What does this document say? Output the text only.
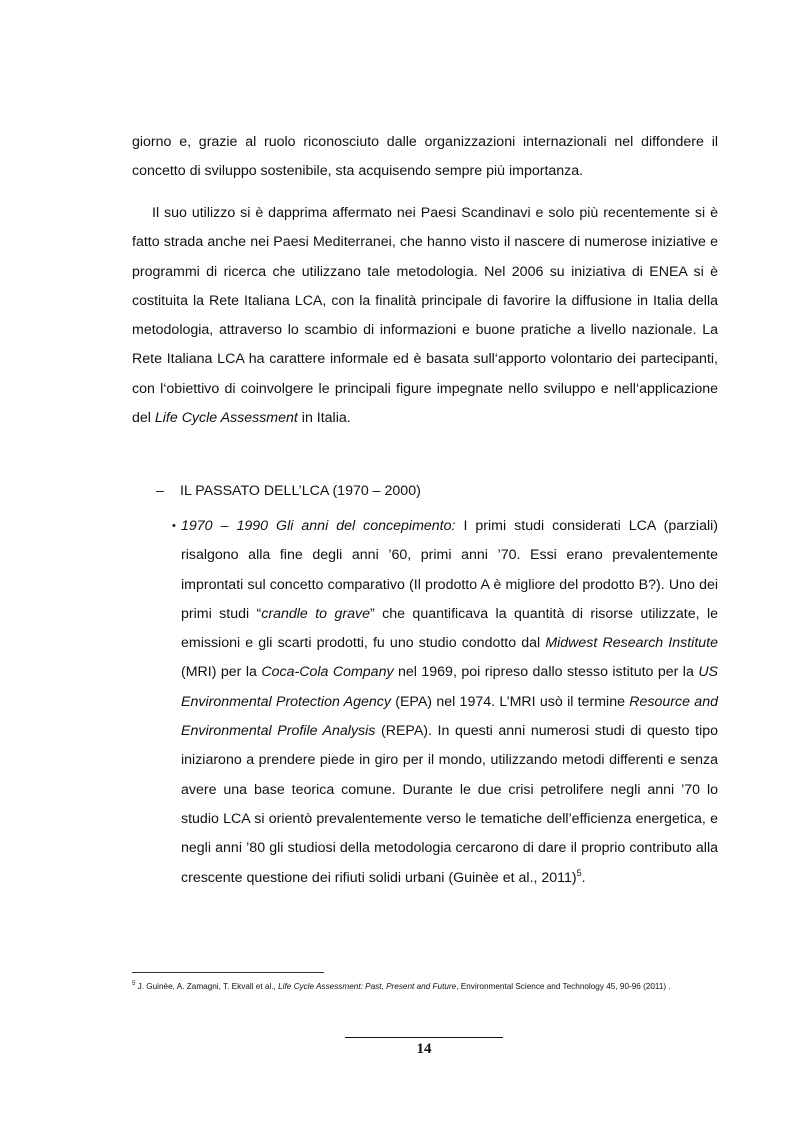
giorno e, grazie al ruolo riconosciuto dalle organizzazioni internazionali nel diffondere il concetto di sviluppo sostenibile, sta acquisendo sempre più importanza.

Il suo utilizzo si è dapprima affermato nei Paesi Scandinavi e solo più recentemente si è fatto strada anche nei Paesi Mediterranei, che hanno visto il nascere di numerose iniziative e programmi di ricerca che utilizzano tale metodologia. Nel 2006 su iniziativa di ENEA si è costituita la Rete Italiana LCA, con la finalità principale di favorire la diffusione in Italia della metodologia, attraverso lo scambio di informazioni e buone pratiche a livello nazionale. La Rete Italiana LCA ha carattere informale ed è basata sull‘apporto volontario dei partecipanti, con l‘obiettivo di coinvolgere le principali figure impegnate nello sviluppo e nell‘applicazione del Life Cycle Assessment in Italia.

– IL PASSATO DELL’LCA (1970 – 2000)

• 1970 – 1990 Gli anni del concepimento: I primi studi considerati LCA (parziali) risalgono alla fine degli anni ’60, primi anni ’70. Essi erano prevalentemente improntati sul concetto comparativo (Il prodotto A è migliore del prodotto B?). Uno dei primi studi “crandle to grave” che quantificava la quantità di risorse utilizzate, le emissioni e gli scarti prodotti, fu uno studio condotto dal Midwest Research Institute (MRI) per la Coca-Cola Company nel 1969, poi ripreso dallo stesso istituto per la US Environmental Protection Agency (EPA) nel 1974. L’MRI usò il termine Resource and Environmental Profile Analysis (REPA). In questi anni numerosi studi di questo tipo iniziarono a prendere piede in giro per il mondo, utilizzando metodi differenti e senza avere una base teorica comune. Durante le due crisi petrolifere negli anni ’70 lo studio LCA si orientò prevalentemente verso le tematiche dell’efficienza energetica, e negli anni ’80 gli studiosi della metodologia cercarono di dare il proprio contributo alla crescente questione dei rifiuti solidi urbani (Guinèe et al., 2011)$^5$.

$^5$ J. Guinèe, A. Zamagni, T. Ekvall et al., Life Cycle Assessment: Past, Present and Future, Environmental Science and Technology 45, 90-96 (2011) .

14
